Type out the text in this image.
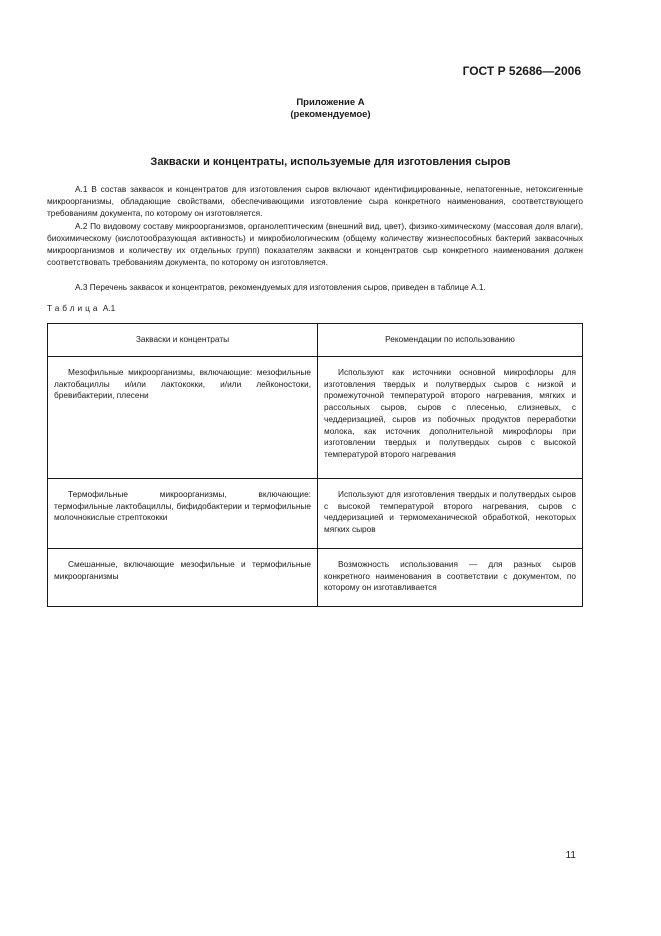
ГОСТ Р 52686—2006
Приложение А
(рекомендуемое)
Закваски и концентраты, используемые для изготовления сыров

А.1 В состав заквасок и концентратов для изготовления сыров включают идентифицированные, непатогенные, нетоксигенные микроорганизмы, обладающие свойствами, обеспечивающими изготовление сыра конкретного наименования, соответствующего требованиям документа, по которому он изготовляется.

А.2 По видовому составу микроорганизмов, органолептическим (внешний вид, цвет), физико-химическому (массовая доля влаги), биохимическому (кислотообразующая активность) и микробиологическим (общему количеству жизнеспособных бактерий заквасочных микроорганизмов и количеству их отдельных групп) показателям закваски и концентратов сыр конкретного наименования должен соответствовать требованиям документа, по которому он изготовляется.

А.3 Перечень заквасок и концентратов, рекомендуемых для изготовления сыров, приведен в таблице А.1.

Таблица А.1
Закваски и концентраты	Рекомендации по использованию

Мезофильные микроорганизмы, включающие: мезофильные лактобациллы и/или лактококки, и/или лейконостоки, бревибактерии, плесени	Используют как источники основной микрофлоры для изготовления твердых и полутвердых сыров с низкой и промежуточной температурой второго нагревания, мягких и рассольных сыров, сыров с плесенью, слизневых, с чеддеризацией, сыров из побочных продуктов переработки молока, как источник дополнительной микрофлоры при изготовлении твердых и полутвердых сыров с высокой температурой второго нагревания

Термофильные микроорганизмы, включающие: термофильные лактобациллы, бифидобактерии и термофильные молочнокислые стрептококки	Используют для изготовления твердых и полутвердых сыров с высокой температурой второго нагревания, сыров с чеддеризацией и термомеханической обработкой, некоторых мягких сыров

Смешанные, включающие мезофильные и термофильные микроорганизмы	Возможность использования — для разных сыров конкретного наименования в соответствии с документом, по которому он изготавливается
11
